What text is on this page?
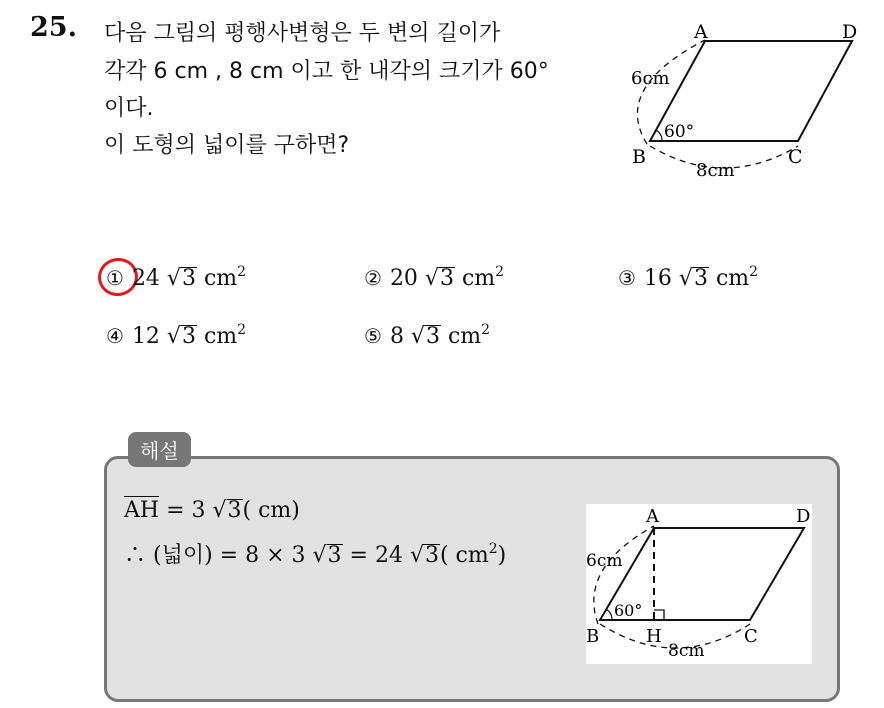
25. 다음 그림의 평행사변형은 두 변의 길이가
각각 6 cm , 8 cm 이고 한 내각의 크기가 60°
이다.
이 도형의 넓이를 구하면?
A	D
B	C
6cm
8cm
60°
① 24 √3 $cm^2$	② 20 √3 $cm^2$	③ 16 √3 $cm^2$
④ 12 √3 $cm^2$	⑤ 8 √3 $cm^2$
해설
AH = 3 √3( cm)
∴ (넓이) = 8 × 3 √3 = 24 √3( $cm^2$)
A	D
B	H	C
6cm
8cm
60°
